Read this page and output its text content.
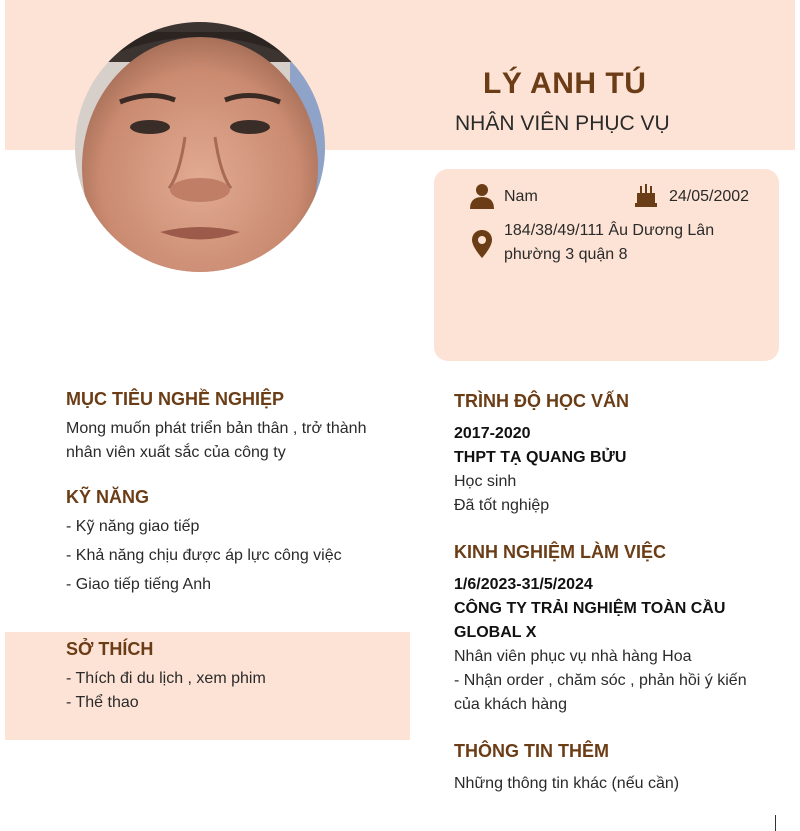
LÝ ANH TÚ
NHÂN VIÊN PHỤC VỤ
Nam	24/05/2002
184/38/49/111 Âu Dương Lân
phường 3 quận 8
MỤC TIÊU NGHỀ NGHIỆP
Mong muốn phát triển bản thân , trở thành
nhân viên xuất sắc của công ty
KỸ NĂNG
- Kỹ năng giao tiếp
- Khả năng chịu được áp lực công việc
- Giao tiếp tiếng Anh
SỞ THÍCH
- Thích đi du lịch , xem phim
- Thể thao
TRÌNH ĐỘ HỌC VẤN
2017-2020
THPT TẠ QUANG BỬU
Học sinh
Đã tốt nghiệp
KINH NGHIỆM LÀM VIỆC
1/6/2023-31/5/2024
CÔNG TY TRẢI NGHIỆM TOÀN CẦU
GLOBAL X
Nhân viên phục vụ nhà hàng Hoa
- Nhận order , chăm sóc , phản hồi ý kiến
của khách hàng
THÔNG TIN THÊM
Những thông tin khác (nếu cần)
